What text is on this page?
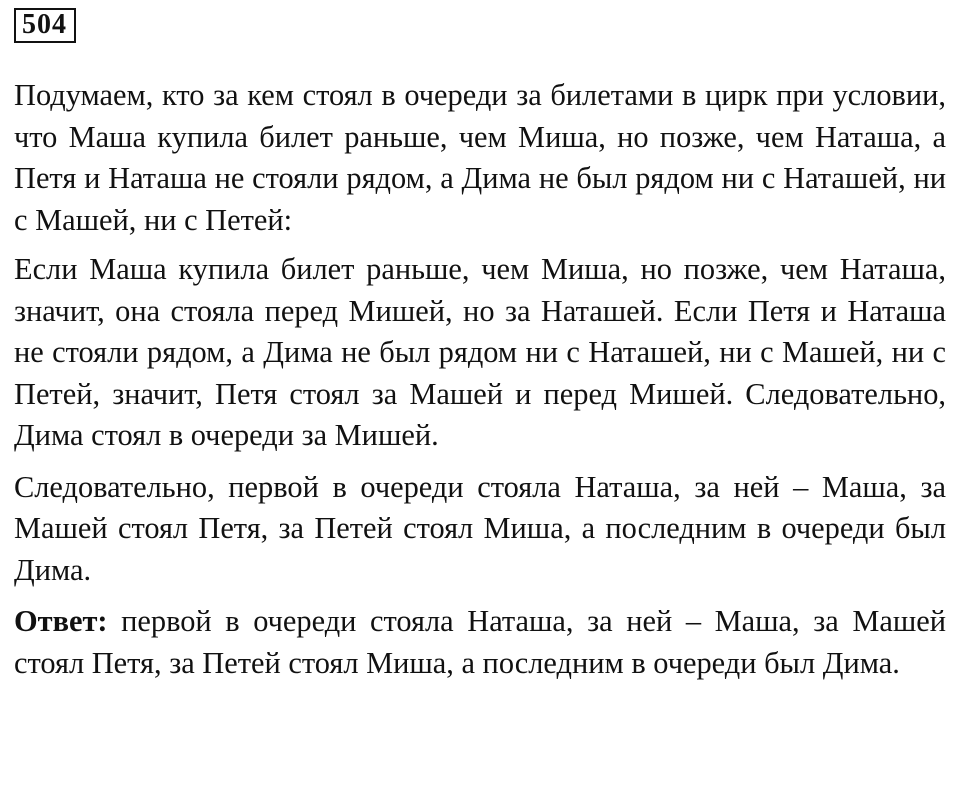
504

Подумаем, кто за кем стоял в очереди за билетами в цирк при условии, что Маша купила билет раньше, чем Миша, но позже, чем Наташа, а Петя и Наташа не стояли рядом, а Дима не был рядом ни с Наташей, ни с Машей, ни с Петей:

Если Маша купила билет раньше, чем Миша, но позже, чем Наташа, значит, она стояла перед Мишей, но за Наташей. Если Петя и Наташа не стояли рядом, а Дима не был рядом ни с Наташей, ни с Машей, ни с Петей, значит, Петя стоял за Машей и перед Мишей. Следовательно, Дима стоял в очереди за Мишей.

Следовательно, первой в очереди стояла Наташа, за ней – Маша, за Машей стоял Петя, за Петей стоял Миша, а последним в очереди был Дима.

Ответ: первой в очереди стояла Наташа, за ней – Маша, за Машей стоял Петя, за Петей стоял Миша, а последним в очереди был Дима.
